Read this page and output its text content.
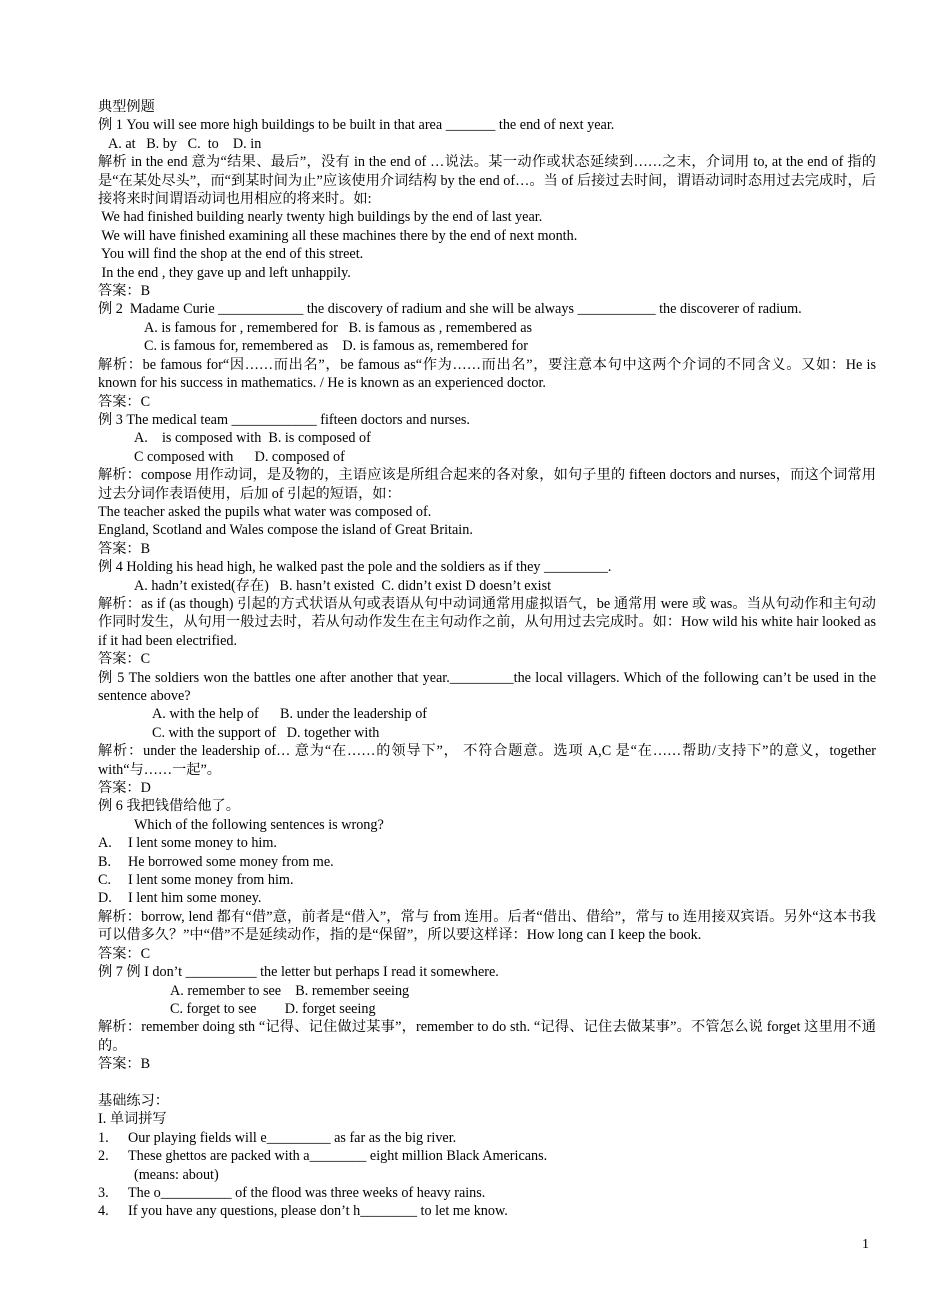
典型例题
例 1 You will see more high buildings to be built in that area _______ the end of next year.
A. at   B. by   C.  to    D. in
解析 in the end 意为“结果、最后”，没有 in the end of …说法。某一动作或状态延续到……之末，介词用 to, at the end of 指的是“在某处尽头”，而“到某时间为止”应该使用介词结构 by the end of…。当 of 后接过去时间，谓语动词时态用过去完成时，后接将来时间谓语动词也用相应的将来时。如:
We had finished building nearly twenty high buildings by the end of last year.
We will have finished examining all these machines there by the end of next month.
You will find the shop at the end of this street.
In the end , they gave up and left unhappily.
答案：B
例 2  Madame Curie ____________ the discovery of radium and she will be always ___________ the discoverer of radium.
A. is famous for , remembered for   B. is famous as , remembered as
C. is famous for, remembered as    D. is famous as, remembered for
解析：be famous for“因……而出名”，be famous as“作为……而出名”，要注意本句中这两个介词的不同含义。又如：He is known for his success in mathematics. / He is known as an experienced doctor.
答案：C
例 3 The medical team ____________ fifteen doctors and nurses.
A.    is composed with  B. is composed of
C composed with      D. composed of
解析：compose 用作动词，是及物的，主语应该是所组合起来的各对象，如句子里的 fifteen doctors and nurses，而这个词常用过去分词作表语使用，后加 of 引起的短语，如：
The teacher asked the pupils what water was composed of.
England, Scotland and Wales compose the island of Great Britain.
答案：B
例 4 Holding his head high, he walked past the pole and the soldiers as if they _________.
A. hadn’t existed(存在)   B. hasn’t existed  C. didn’t exist D doesn’t exist
解析：as if (as though) 引起的方式状语从句或表语从句中动词通常用虚拟语气，be 通常用 were 或 was。当从句动作和主句动作同时发生，从句用一般过去时，若从句动作发生在主句动作之前，从句用过去完成时。如：How wild his white hair looked as if it had been electrified.
答案：C
例 5 The soldiers won the battles one after another that year._________the local villagers. Which of the following can’t be used in the sentence above?
A. with the help of      B. under the leadership of
C. with the support of   D. together with
解析：under the leadership of… 意为“在……的领导下”， 不符合题意。选项 A,C 是“在……帮助/支持下”的意义，together with“与……一起”。
答案：D
例 6 我把钱借给他了。
Which of the following sentences is wrong?
A.	I lent some money to him.
B.	He borrowed some money from me.
C.	I lent some money from him.
D.	I lent him some money.
解析：borrow, lend 都有“借”意，前者是“借入”，常与 from 连用。后者“借出、借给”，常与 to 连用接双宾语。另外“这本书我可以借多久？”中“借”不是延续动作，指的是“保留”，所以要这样译：How long can I keep the book.
答案：C
例 7 例 I don’t __________ the letter but perhaps I read it somewhere.
A. remember to see    B. remember seeing
C. forget to see        D. forget seeing
解析：remember doing sth “记得、记住做过某事”，remember to do sth. “记得、记住去做某事”。不管怎么说 forget 这里用不通的。
答案：B
基础练习：
I. 单词拼写
1.	Our playing fields will e_________ as far as the big river.
2.	These ghettos are packed with a________ eight million Black Americans.
(means: about)
3.	The o__________ of the flood was three weeks of heavy rains.
4.	If you have any questions, please don’t h________ to let me know.
1
